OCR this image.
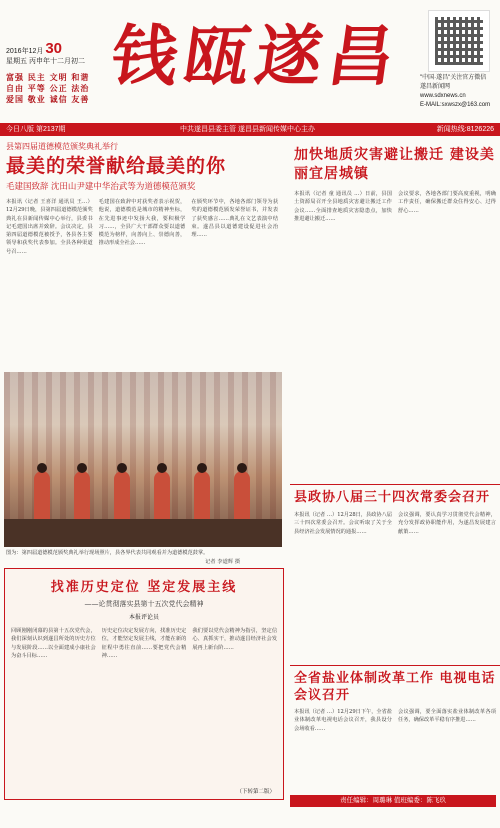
2016年12月 30
星期五 丙申年十二月初二
富强 民主 文明 和谐
自由 平等 公正 法治
爱国 敬业 诚信 友善
钱瓯遂昌	"中国·遂昌"关注官方微信
遂昌新闻网 www.sdxnews.cn
E-MAIL:sxwszx@163.com
今日八版 第2137期	中共遂昌县委主管 遂昌县新闻传媒中心主办	新闻热线:8126226
县第四届道德模范颁奖典礼举行
最美的荣誉献给最美的你
毛建国致辞 沈田山尹建中华治武等为道德模范颁奖
本报讯（记者 王喜洋 通讯员 王…）12月29日晚，县第四届道德模范颁奖典礼在县新闻传媒中心举行，县委书记毛建国出席并致辞。会议决定，县第四届道德模范被授予，各县各主要领导和获奖代表参加。全县各种渠道号召……
毛建国在致辞中对获奖者表示祝贺，他说，道德模范是城市的精神坐标，在先进事迹中发扬大我，要积极学习……，全县广大干部群众要以道德模范为榜样，向善向上、崇德向善，推动形成全社会……
在颁奖环节中，各地各部门领导为获奖的道德模范颁发荣誉证书，并发表了获奖感言……典礼在文艺表演中结束。遂昌县以道德建设促进社会治理……
图为：第四届道德模范颁奖典礼举行现场照片，县各界代表共同观看并为道德模范鼓掌。
记者 李道辉 摄
找准历史定位 坚定发展主线
——论贯彻落实县第十五次党代会精神
本报评论员
回顾刚刚闭幕的县第十五次党代会，我们深刻认识到遂昌所处的历史方位与发展阶段……以全面建成小康社会为奋斗目标……
历史定位决定发展方向，找准历史定位，才能坚定发展主线，才能在新的征程中勇往直前……要把党代会精神……
我们要以党代会精神为指引，坚定信心、真抓实干，推动遂昌经济社会发展再上新台阶……
（下转第二版）
加快地质灾害避让搬迁 建设美丽宜居城镇
本报讯（记者 童 通讯员 …）日前，县国土资源局召开全县地质灾害避让搬迁工作会议……全面排查地质灾害隐患点，加快推进避让搬迁……
会议要求，各地各部门要高度重视，明确工作责任，确保搬迁群众住得安心、过得舒心……
县政协八届三十四次常委会召开
本报讯（记者 …）12月28日，县政协八届三十四次常委会召开。会议听取了关于全县经济社会发展情况的通报……
会议强调，要认真学习贯彻党代会精神，充分发挥政协职能作用，为遂昌发展建言献策……
全省盐业体制改革工作 电视电话会议召开
本报讯（记者 …）12月29日下午，全省盐业体制改革电视电话会议召开，我县设分会场收看……
会议强调，要全面落实盐业体制改革各项任务，确保改革平稳有序推进……
责任编辑：周璐琳 值班编委：陈飞玖
